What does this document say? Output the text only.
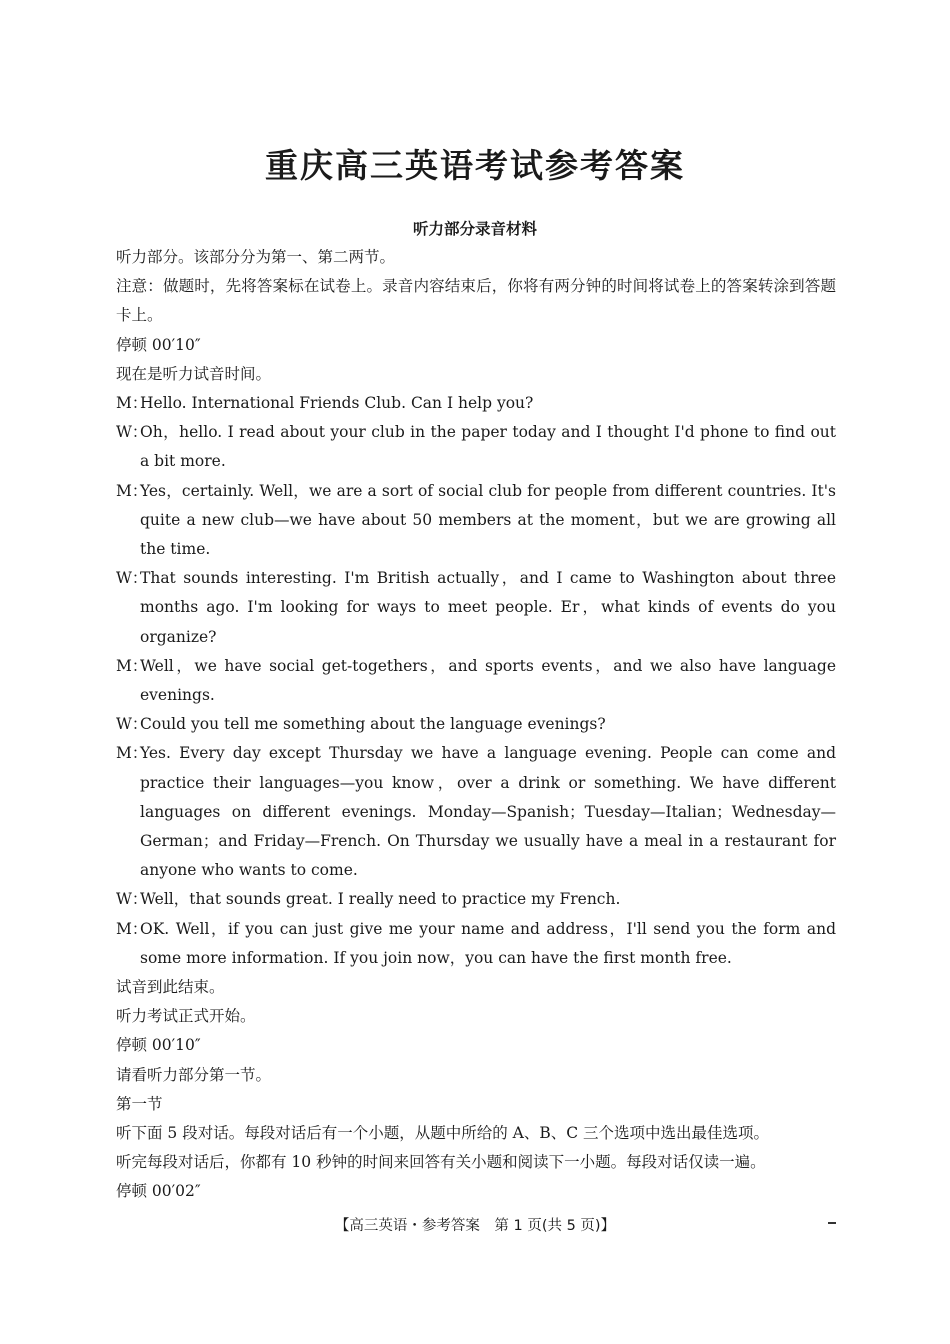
重庆高三英语考试参考答案
听力部分录音材料
听力部分。该部分分为第一、第二两节。
注意：做题时，先将答案标在试卷上。录音内容结束后，你将有两分钟的时间将试卷上的答案转涂到答题卡上。
停顿 00′10″
现在是听力试音时间。
M：
Hello. International Friends Club. Can I help you?
W：
Oh，hello. I read about your club in the paper today and I thought I'd phone to find out a bit more.
M：
Yes，certainly. Well，we are a sort of social club for people from different countries. It's quite a new club—we have about 50 members at the moment，but we are growing all the time.
W：
That sounds interesting. I'm British actually，and I came to Washington about three months ago. I'm looking for ways to meet people. Er，what kinds of events do you organize?
M：
Well，we have social get-togethers，and sports events，and we also have language evenings.
W：
Could you tell me something about the language evenings?
M：
Yes. Every day except Thursday we have a language evening. People can come and practice their languages—you know，over a drink or something. We have different languages on different evenings. Monday—Spanish；Tuesday—Italian；Wednesday—German；and Friday—French. On Thursday we usually have a meal in a restaurant for anyone who wants to come.
W：
Well，that sounds great. I really need to practice my French.
M：
OK. Well，if you can just give me your name and address，I'll send you the form and some more information. If you join now，you can have the first month free.
试音到此结束。
听力考试正式开始。
停顿 00′10″
请看听力部分第一节。
第一节
听下面 5 段对话。每段对话后有一个小题，从题中所给的 A、B、C 三个选项中选出最佳选项。
听完每段对话后，你都有 10 秒钟的时间来回答有关小题和阅读下一小题。每段对话仅读一遍。
停顿 00′02″
【高三英语・参考答案　第 1 页(共 5 页)】
